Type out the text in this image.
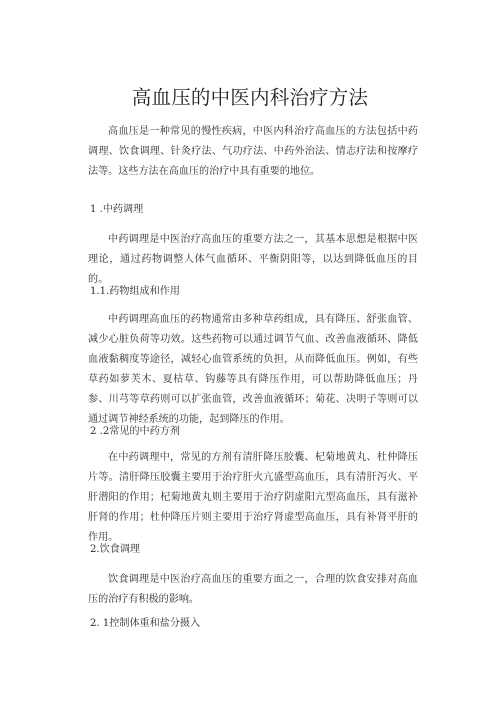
高血压的中医内科治疗方法

高血压是一种常见的慢性疾病，中医内科治疗高血压的方法包括中药调理、饮食调理、针灸疗法、气功疗法、中药外治法、情志疗法和按摩疗法等。这些方法在高血压的治疗中具有重要的地位。

1 .中药调理

中药调理是中医治疗高血压的重要方法之一，其基本思想是根据中医理论，通过药物调整人体气血循环、平衡阴阳等，以达到降低血压的目的。

1.1.药物组成和作用

中药调理高血压的药物通常由多种草药组成，具有降压、舒张血管、减少心脏负荷等功效。这些药物可以通过调节气血、改善血液循环、降低血液黏稠度等途径，减轻心血管系统的负担，从而降低血压。例如，有些草药如萝芙木、夏枯草、钩藤等具有降压作用，可以帮助降低血压；丹参、川芎等草药则可以扩张血管，改善血液循环；菊花、决明子等则可以通过调节神经系统的功能，起到降压的作用。

2 .2常见的中药方剂

在中药调理中，常见的方剂有清肝降压胶囊、杞菊地黄丸、杜仲降压片等。清肝降压胶囊主要用于治疗肝火亢盛型高血压，具有清肝泻火、平肝潜阳的作用；杞菊地黄丸则主要用于治疗阴虚阳亢型高血压，具有滋补肝肾的作用；杜仲降压片则主要用于治疗肾虚型高血压，具有补肾平肝的作用。

2.饮食调理

饮食调理是中医治疗高血压的重要方面之一，合理的饮食安排对高血压的治疗有积极的影响。

2. 1控制体重和盐分摄入
